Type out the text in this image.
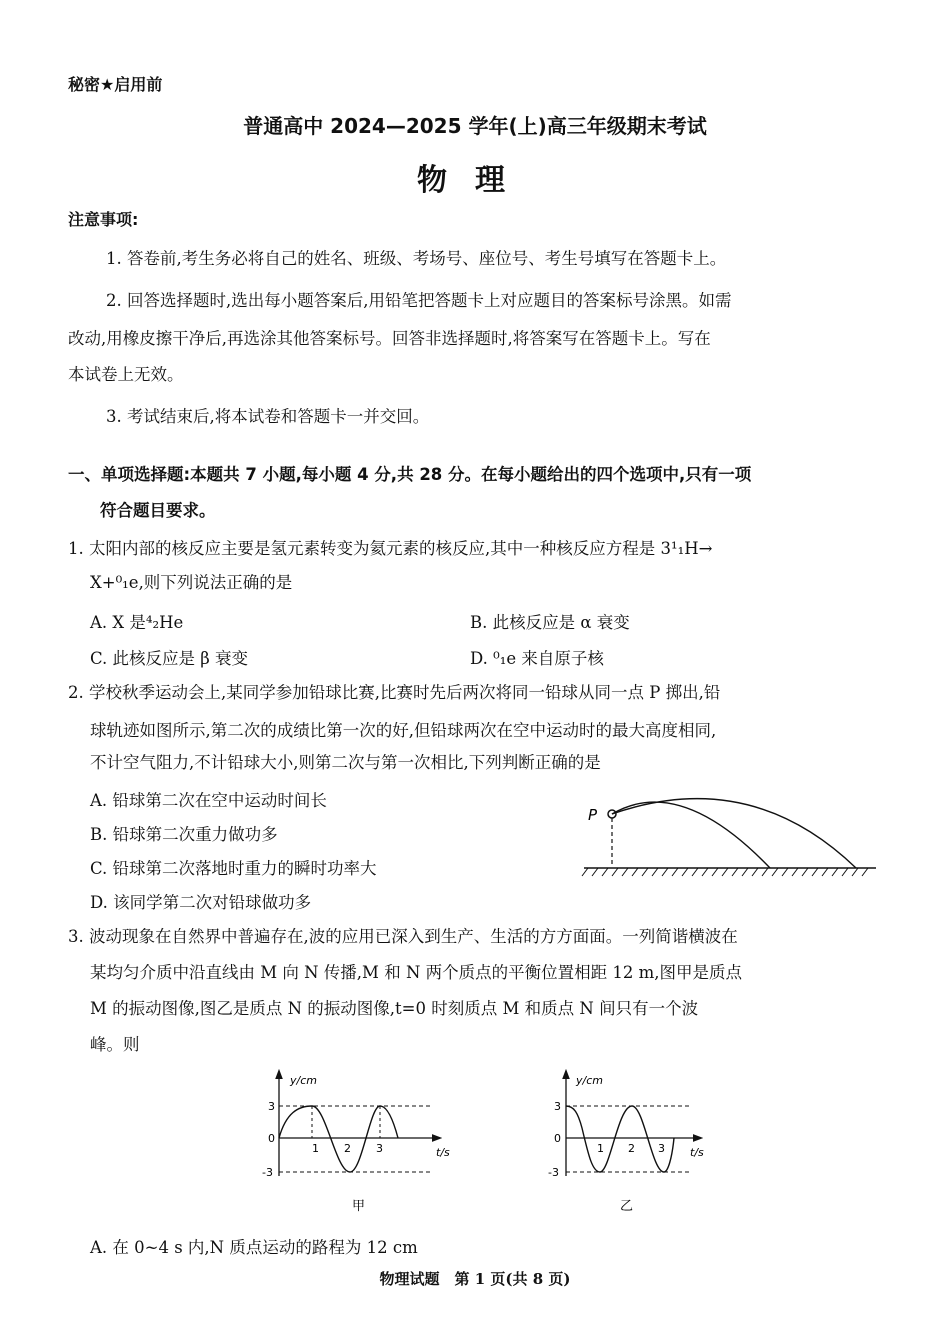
秘密★启用前
普通高中 2024—2025 学年(上)高三年级期末考试
物理
注意事项:
1. 答卷前,考生务必将自己的姓名、班级、考场号、座位号、考生号填写在答题卡上。
2. 回答选择题时,选出每小题答案后,用铅笔把答题卡上对应题目的答案标号涂黑。如需
改动,用橡皮擦干净后,再选涂其他答案标号。回答非选择题时,将答案写在答题卡上。写在
本试卷上无效。
3. 考试结束后,将本试卷和答题卡一并交回。
一、单项选择题:本题共 7 小题,每小题 4 分,共 28 分。在每小题给出的四个选项中,只有一项
符合题目要求。
1. 太阳内部的核反应主要是氢元素转变为氦元素的核反应,其中一种核反应方程是 3¹₁H→
X+⁰₁e,则下列说法正确的是
A. X 是⁴₂He	B. 此核反应是 α 衰变
C. 此核反应是 β 衰变	D. ⁰₁e 来自原子核
2. 学校秋季运动会上,某同学参加铅球比赛,比赛时先后两次将同一铅球从同一点 P 掷出,铅
球轨迹如图所示,第二次的成绩比第一次的好,但铅球两次在空中运动时的最大高度相同,
不计空气阻力,不计铅球大小,则第二次与第一次相比,下列判断正确的是
A. 铅球第二次在空中运动时间长
B. 铅球第二次重力做功多
C. 铅球第二次落地时重力的瞬时功率大
D. 该同学第二次对铅球做功多
P
3. 波动现象在自然界中普遍存在,波的应用已深入到生产、生活的方方面面。一列简谐横波在
某均匀介质中沿直线由 M 向 N 传播,M 和 N 两个质点的平衡位置相距 12 m,图甲是质点
M 的振动图像,图乙是质点 N 的振动图像,t=0 时刻质点 M 和质点 N 间只有一个波
峰。则
y/cm
t/s
3
0
-3
1 2 3
甲
y/cm
t/s
3
0
-3
1 2 3
乙
A. 在 0~4 s 内,N 质点运动的路程为 12 cm
物理试题　第 1 页(共 8 页)
